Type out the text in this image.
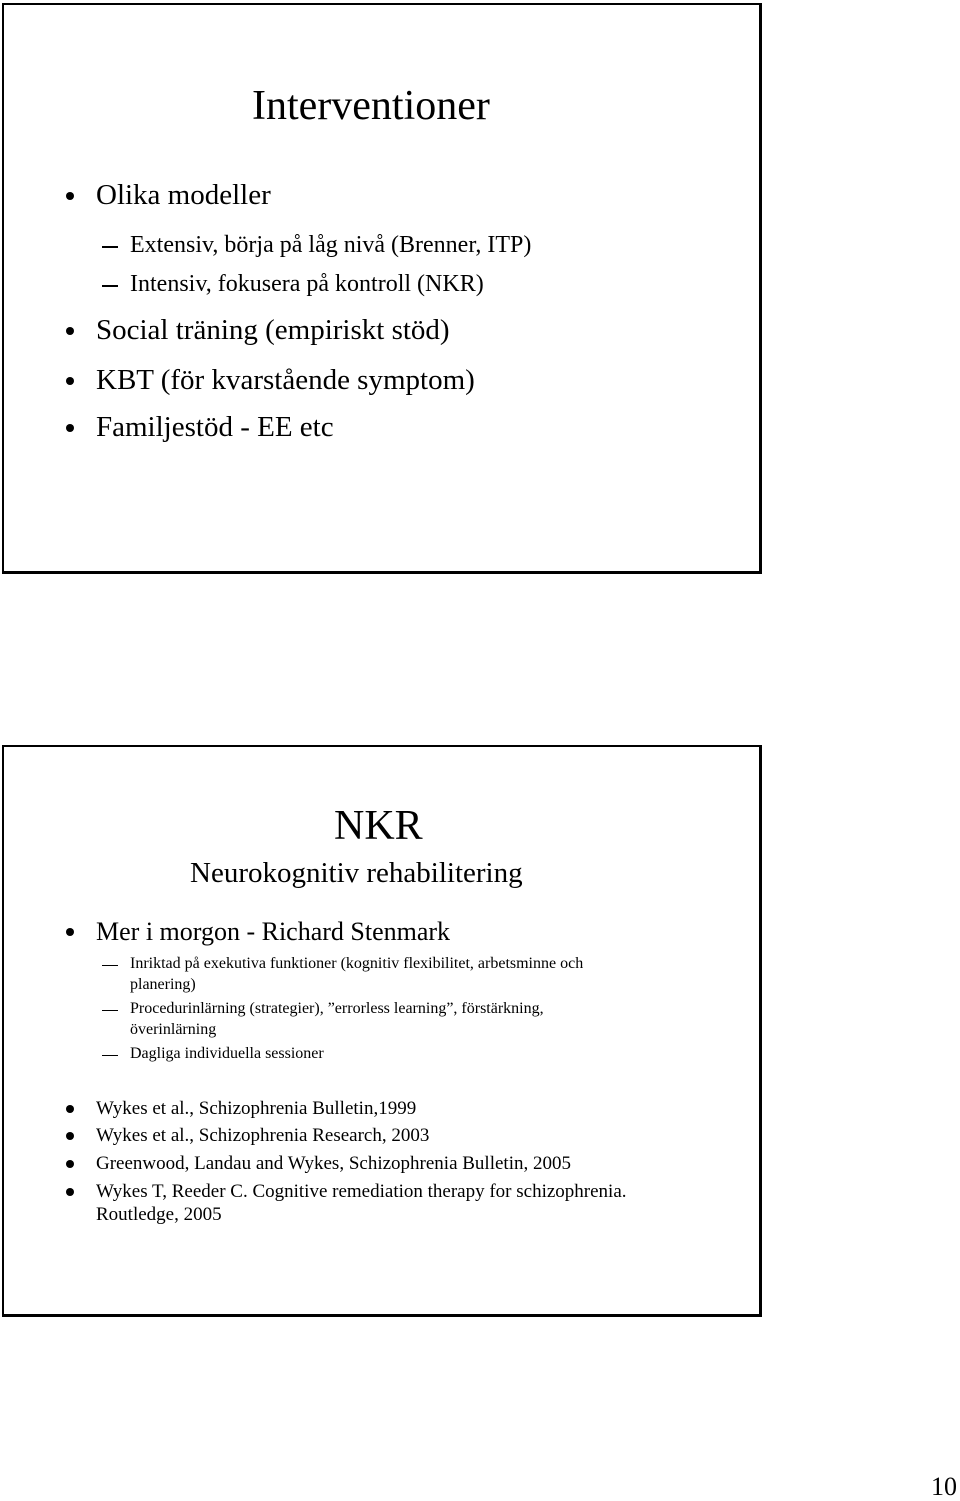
Interventioner
Olika modeller
Extensiv, börja på låg nivå (Brenner, ITP)
Intensiv, fokusera på kontroll (NKR)
Social träning (empiriskt stöd)
KBT (för kvarstående symptom)
Familjestöd - EE etc
NKR
Neurokognitiv rehabilitering
Mer i morgon - Richard Stenmark
Inriktad på exekutiva funktioner (kognitiv flexibilitet, arbetsminne och
planering)
Procedurinlärning (strategier), ”errorless learning”, förstärkning,
överinlärning
Dagliga individuella sessioner
Wykes et al., Schizophrenia Bulletin,1999
Wykes et al., Schizophrenia Research, 2003
Greenwood, Landau and Wykes, Schizophrenia Bulletin, 2005
Wykes T, Reeder C. Cognitive remediation therapy for schizophrenia.
Routledge, 2005
10
